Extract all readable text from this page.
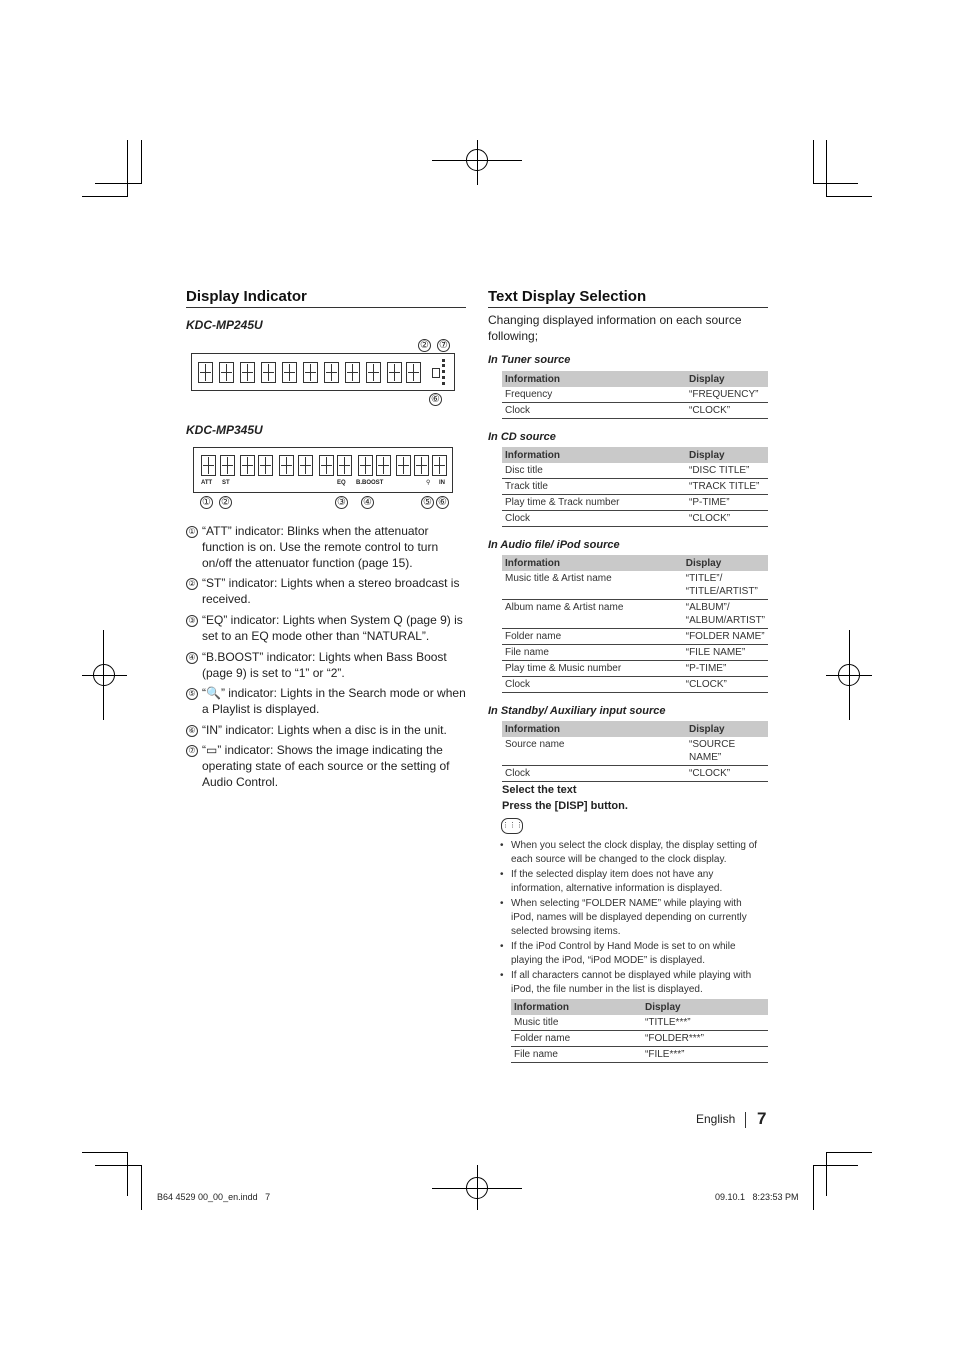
Display Indicator
KDC-MP245U
② ⑦
⑥
KDC-MP345U
ATT ST	EQ B.BOOST	⚲ IN
① ②	③ ④	⑤ ⑥
① “ATT” indicator: Blinks when the attenuator function is on. Use the remote control to turn on/off the attenuator function (page 15).
② “ST” indicator: Lights when a stereo broadcast is received.
③ “EQ” indicator: Lights when System Q (page 9) is set to an EQ mode other than “NATURAL”.
④ “B.BOOST” indicator: Lights when Bass Boost (page 9) is set to “1” or “2”.
⑤ “🔍” indicator: Lights in the Search mode or when a Playlist is displayed.
⑥ “IN” indicator: Lights when a disc is in the unit.
⑦ “▭” indicator: Shows the image indicating the operating state of each source or the setting of Audio Control.
Text Display Selection
Changing displayed information on each source following;
In Tuner source
Information	Display
Frequency	“FREQUENCY”
Clock	“CLOCK”
In CD source
Information	Display
Disc title	“DISC TITLE”
Track title	“TRACK TITLE”
Play time & Track number	“P-TIME”
Clock	“CLOCK”
In Audio file/ iPod source
Information	Display
Music title & Artist name	“TITLE”/ “TITLE/ARTIST”
Album name & Artist name	“ALBUM”/ “ALBUM/ARTIST”
Folder name	“FOLDER NAME”
File name	“FILE NAME”
Play time & Music number	“P-TIME”
Clock	“CLOCK”
In Standby/ Auxiliary input source
Information	Display
Source name	“SOURCE NAME”
Clock	“CLOCK”
Select the text
Press the [DISP] button.
⋮⋮⋮
• When you select the clock display, the display setting of each source will be changed to the clock display.
• If the selected display item does not have any information, alternative information is displayed.
• When selecting “FOLDER NAME” while playing with iPod, names will be displayed depending on currently selected browsing items.
• If the iPod Control by Hand Mode is set to on while playing the iPod, “iPod MODE” is displayed.
• If all characters cannot be displayed while playing with iPod, the file number in the list is displayed.
Information	Display
Music title	“TITLE***”
Folder name	“FOLDER***”
File name	“FILE***”
English 7
B64 4529 00_00_en.indd   7	09.10.1   8:23:53 PM
